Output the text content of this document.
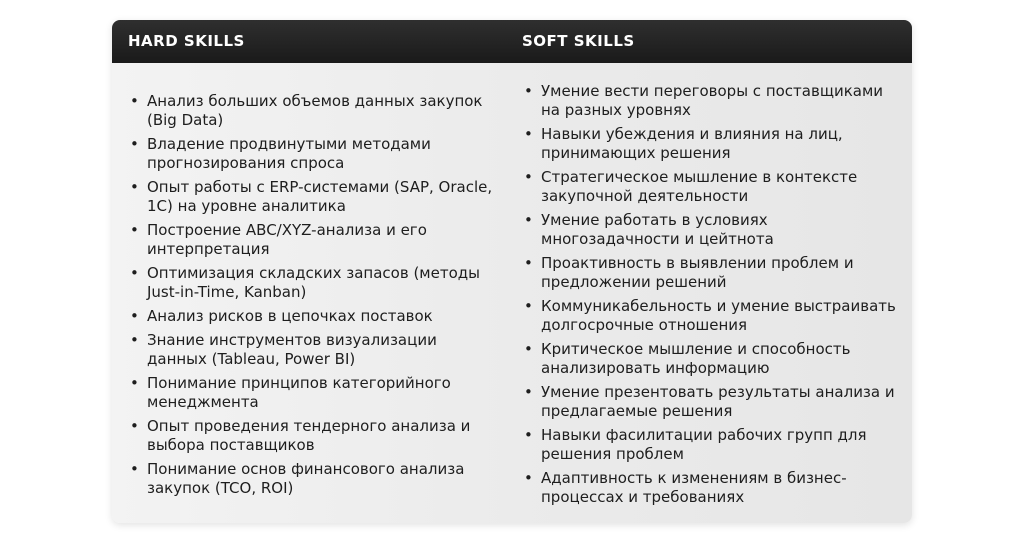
HARD SKILLS	SOFT SKILLS
• Анализ больших объемов данных закупок (Big Data)
• Владение продвинутыми методами прогнозирования спроса
• Опыт работы с ERP-системами (SAP, Oracle, 1C) на уровне аналитика
• Построение ABC/XYZ-анализа и его интерпретация
• Оптимизация складских запасов (методы Just-in-Time, Kanban)
• Анализ рисков в цепочках поставок
• Знание инструментов визуализации данных (Tableau, Power BI)
• Понимание принципов категорийного менеджмента
• Опыт проведения тендерного анализа и выбора поставщиков
• Понимание основ финансового анализа закупок (TCO, ROI)
• Умение вести переговоры с поставщиками на разных уровнях
• Навыки убеждения и влияния на лиц, принимающих решения
• Стратегическое мышление в контексте закупочной деятельности
• Умение работать в условиях многозадачности и цейтнота
• Проактивность в выявлении проблем и предложении решений
• Коммуникабельность и умение выстраивать долгосрочные отношения
• Критическое мышление и способность анализировать информацию
• Умение презентовать результаты анализа и предлагаемые решения
• Навыки фасилитации рабочих групп для решения проблем
• Адаптивность к изменениям в бизнес-процессах и требованиях
